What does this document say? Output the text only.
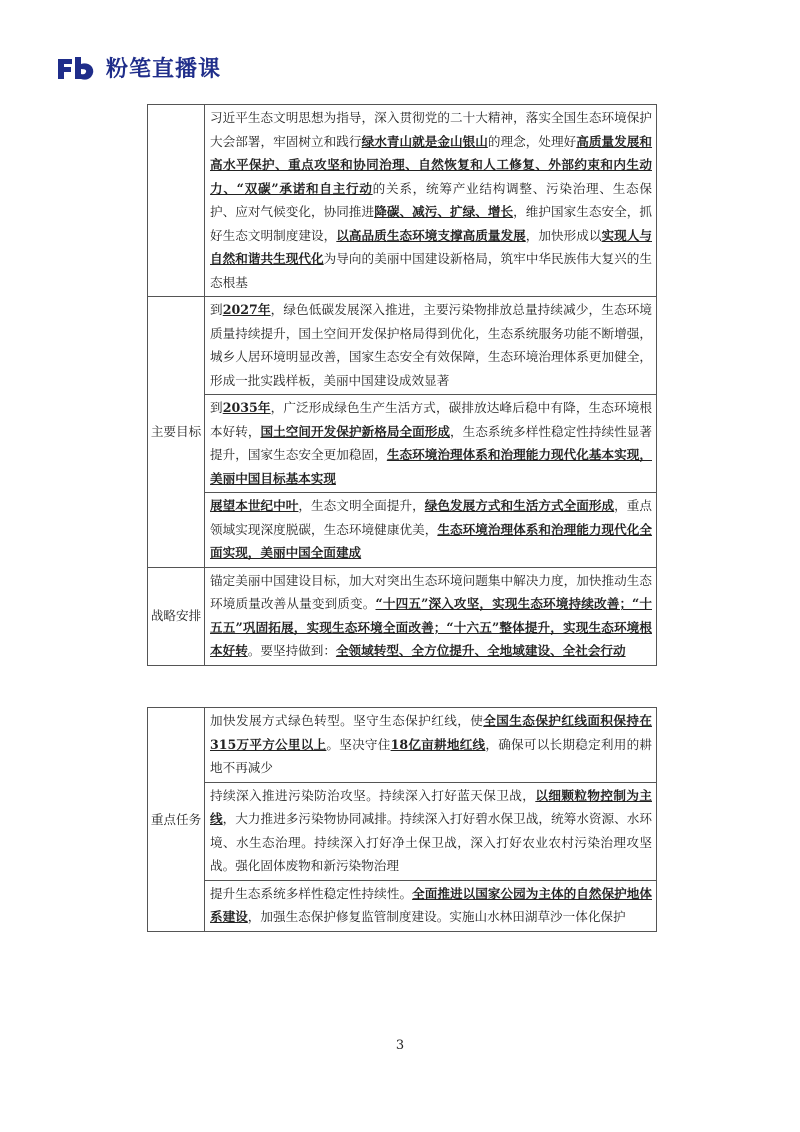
粉笔直播课
	习近平生态文明思想为指导，深入贯彻党的二十大精神，落实全国生态环境保护大会部署，牢固树立和践行绿水青山就是金山银山的理念，处理好高质量发展和高水平保护、重点攻坚和协同治理、自然恢复和人工修复、外部约束和内生动力、“双碳”承诺和自主行动的关系，统筹产业结构调整、污染治理、生态保护、应对气候变化，协同推进降碳、减污、扩绿、增长，维护国家生态安全，抓好生态文明制度建设，以高品质生态环境支撑高质量发展，加快形成以实现人与自然和谐共生现代化为导向的美丽中国建设新格局，筑牢中华民族伟大复兴的生态根基
主要目标	到2027年，绿色低碳发展深入推进，主要污染物排放总量持续减少，生态环境质量持续提升，国土空间开发保护格局得到优化，生态系统服务功能不断增强，城乡人居环境明显改善，国家生态安全有效保障，生态环境治理体系更加健全，形成一批实践样板，美丽中国建设成效显著
	到2035年，广泛形成绿色生产生活方式，碳排放达峰后稳中有降，生态环境根本好转，国土空间开发保护新格局全面形成，生态系统多样性稳定性持续性显著提升，国家生态安全更加稳固，生态环境治理体系和治理能力现代化基本实现，美丽中国目标基本实现
	展望本世纪中叶，生态文明全面提升，绿色发展方式和生活方式全面形成，重点领域实现深度脱碳，生态环境健康优美，生态环境治理体系和治理能力现代化全面实现，美丽中国全面建成
战略安排	锚定美丽中国建设目标，加大对突出生态环境问题集中解决力度，加快推动生态环境质量改善从量变到质变。“十四五”深入攻坚，实现生态环境持续改善；“十五五”巩固拓展，实现生态环境全面改善；“十六五”整体提升，实现生态环境根本好转。要坚持做到：全领域转型、全方位提升、全地域建设、全社会行动
重点任务	加快发展方式绿色转型。坚守生态保护红线，使全国生态保护红线面积保持在315万平方公里以上。坚决守住18亿亩耕地红线，确保可以长期稳定利用的耕地不再减少
持续深入推进污染防治攻坚。持续深入打好蓝天保卫战，以细颗粒物控制为主线，大力推进多污染物协同减排。持续深入打好碧水保卫战，统筹水资源、水环境、水生态治理。持续深入打好净土保卫战，深入打好农业农村污染治理攻坚战。强化固体废物和新污染物治理
提升生态系统多样性稳定性持续性。全面推进以国家公园为主体的自然保护地体系建设，加强生态保护修复监管制度建设。实施山水林田湖草沙一体化保护
3
